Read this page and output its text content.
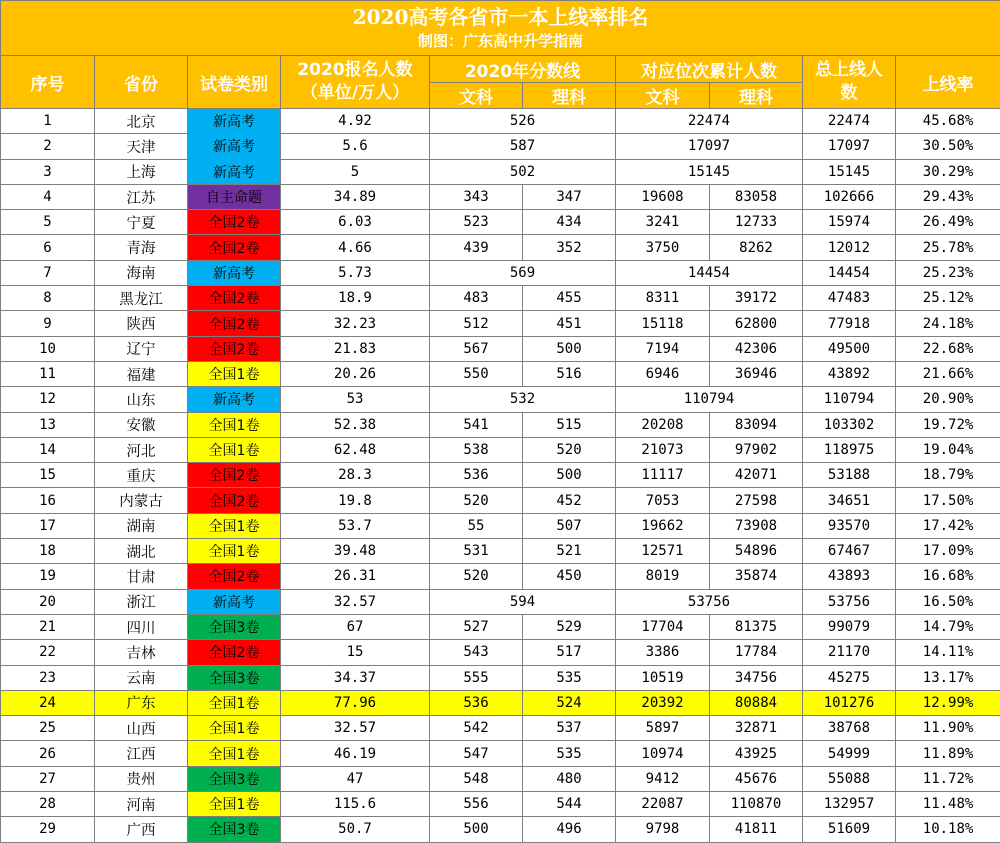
2020高考各省市一本上线率排名
制图：广东高中升学指南									

序号	省份	试卷类别	2020报名人数
（单位/万人）	2020年分数线		对应位次累计人数		总上线人
数	上线率
				文科	理科	文科	理科		
1	北京	新高考	4.92	526		22474		22474	45.68%
2	天津	新高考	5.6	587		17097		17097	30.50%
3	上海	新高考	5	502		15145		15145	30.29%
4	江苏	自主命题	34.89	343	347	19608	83058	102666	29.43%
5	宁夏	全国2卷	6.03	523	434	3241	12733	15974	26.49%
6	青海	全国2卷	4.66	439	352	3750	8262	12012	25.78%
7	海南	新高考	5.73	569		14454		14454	25.23%
8	黑龙江	全国2卷	18.9	483	455	8311	39172	47483	25.12%
9	陕西	全国2卷	32.23	512	451	15118	62800	77918	24.18%
10	辽宁	全国2卷	21.83	567	500	7194	42306	49500	22.68%
11	福建	全国1卷	20.26	550	516	6946	36946	43892	21.66%
12	山东	新高考	53	532		110794		110794	20.90%
13	安徽	全国1卷	52.38	541	515	20208	83094	103302	19.72%
14	河北	全国1卷	62.48	538	520	21073	97902	118975	19.04%
15	重庆	全国2卷	28.3	536	500	11117	42071	53188	18.79%
16	内蒙古	全国2卷	19.8	520	452	7053	27598	34651	17.50%
17	湖南	全国1卷	53.7	55	507	19662	73908	93570	17.42%
18	湖北	全国1卷	39.48	531	521	12571	54896	67467	17.09%
19	甘肃	全国2卷	26.31	520	450	8019	35874	43893	16.68%
20	浙江	新高考	32.57	594		53756		53756	16.50%
21	四川	全国3卷	67	527	529	17704	81375	99079	14.79%
22	吉林	全国2卷	15	543	517	3386	17784	21170	14.11%
23	云南	全国3卷	34.37	555	535	10519	34756	45275	13.17%
24	广东	全国1卷	77.96	536	524	20392	80884	101276	12.99%
25	山西	全国1卷	32.57	542	537	5897	32871	38768	11.90%
26	江西	全国1卷	46.19	547	535	10974	43925	54999	11.89%
27	贵州	全国3卷	47	548	480	9412	45676	55088	11.72%
28	河南	全国1卷	115.6	556	544	22087	110870	132957	11.48%
29	广西	全国3卷	50.7	500	496	9798	41811	51609	10.18%
